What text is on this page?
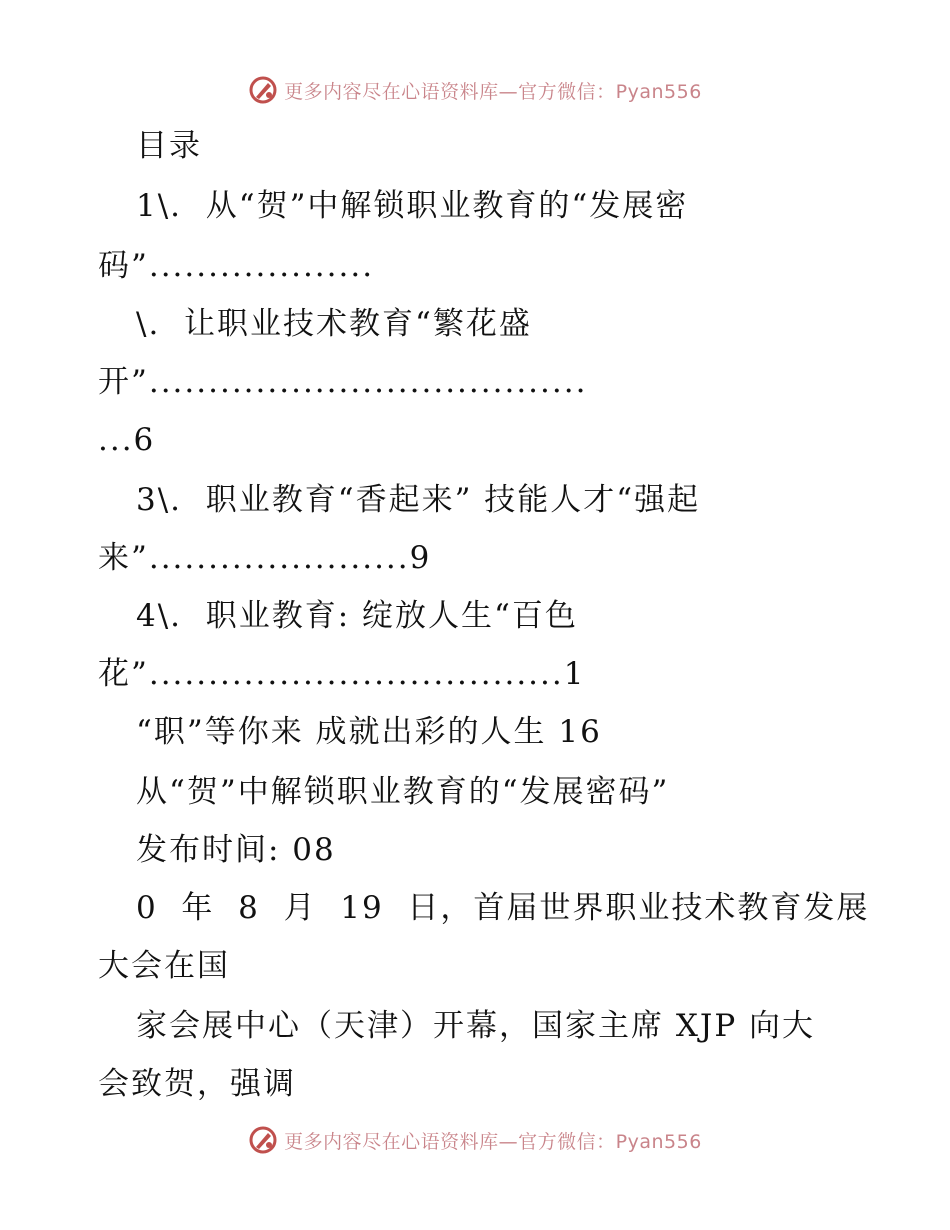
更多内容尽在心语资料库—官方微信：Pyan556
目录
1\.  从“贺”中解锁职业教育的“发展密
码”...................
\.  让职业技术教育“繁花盛
开”.....................................
...6
3\.  职业教育“香起来” 技能人才“强起
来”......................9
4\.  职业教育: 绽放人生“百色
花”...................................1
“职”等你来 成就出彩的人生 16
从“贺”中解锁职业教育的“发展密码”
发布时间: 08
0  年  8  月  19  日，首届世界职业技术教育发展
大会在国
家会展中心（天津）开幕，国家主席 XJP 向大
会致贺，强调
更多内容尽在心语资料库—官方微信：Pyan556
